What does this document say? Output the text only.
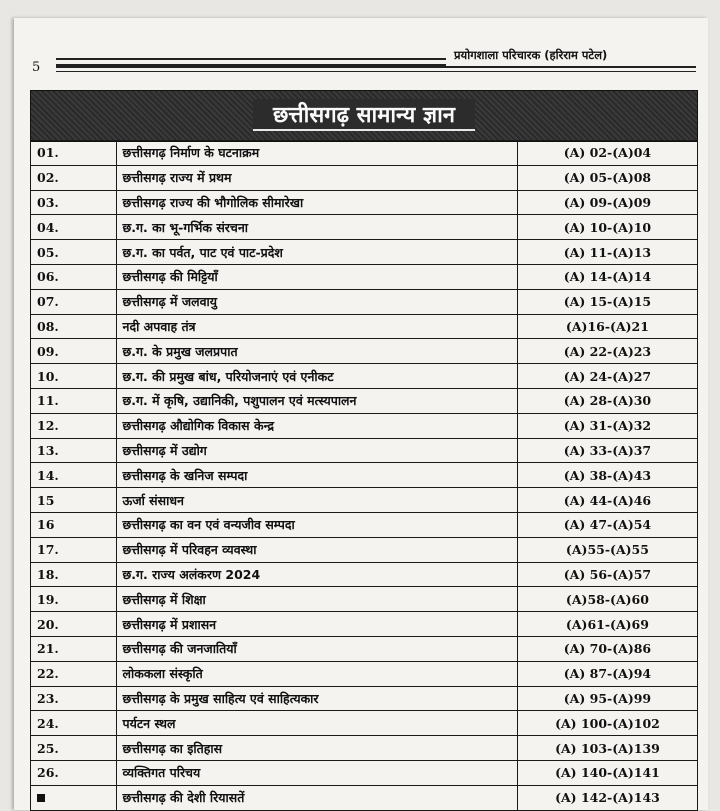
5
प्रयोगशाला परिचारक (हरिराम पटेल)
छत्तीसगढ़ सामान्य ज्ञान
01.	छत्तीसगढ़ निर्माण के घटनाक्रम	(A) 02-(A)04
02.	छत्तीसगढ़ राज्य में प्रथम	(A) 05-(A)08
03.	छत्तीसगढ़ राज्य की भौगोलिक सीमारेखा	(A) 09-(A)09
04.	छ.ग. का भू-गर्भिक संरचना	(A) 10-(A)10
05.	छ.ग. का पर्वत, पाट एवं पाट-प्रदेश	(A) 11-(A)13
06.	छत्तीसगढ़ की मिट्टियाँ	(A) 14-(A)14
07.	छत्तीसगढ़ में जलवायु	(A) 15-(A)15
08.	नदी अपवाह तंत्र	(A)16-(A)21
09.	छ.ग. के प्रमुख जलप्रपात	(A) 22-(A)23
10.	छ.ग. की प्रमुख बांध, परियोजनाएं एवं एनीकट	(A) 24-(A)27
11.	छ.ग. में कृषि, उद्यानिकी, पशुपालन एवं मत्स्यपालन	(A) 28-(A)30
12.	छत्तीसगढ़ औद्योगिक विकास केन्द्र	(A) 31-(A)32
13.	छत्तीसगढ़ में उद्योग	(A) 33-(A)37
14.	छत्तीसगढ़ के खनिज सम्पदा	(A) 38-(A)43
15	ऊर्जा संसाधन	(A) 44-(A)46
16	छत्तीसगढ़ का वन एवं वन्यजीव सम्पदा	(A) 47-(A)54
17.	छत्तीसगढ़ में परिवहन व्यवस्था	(A)55-(A)55
18.	छ.ग. राज्य अलंकरण 2024	(A) 56-(A)57
19.	छत्तीसगढ़ में शिक्षा	(A)58-(A)60
20.	छत्तीसगढ़ में प्रशासन	(A)61-(A)69
21.	छत्तीसगढ़ की जनजातियाँ	(A) 70-(A)86
22.	लोककला संस्कृति	(A) 87-(A)94
23.	छत्तीसगढ़ के प्रमुख साहित्य एवं साहित्यकार	(A) 95-(A)99
24.	पर्यटन स्थल	(A) 100-(A)102
25.	छत्तीसगढ़ का इतिहास	(A) 103-(A)139
26.	व्यक्तिगत परिचय	(A) 140-(A)141
	छत्तीसगढ़ की देशी रियासतें	(A) 142-(A)143
